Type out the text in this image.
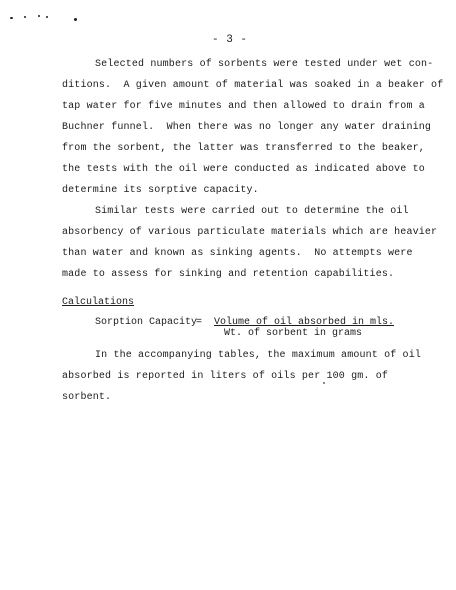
- 3 -
Selected numbers of sorbents were tested under wet con-
ditions.  A given amount of material was soaked in a beaker of
tap water for five minutes and then allowed to drain from a
Buchner funnel.  When there was no longer any water draining
from the sorbent, the latter was transferred to the beaker,
the tests with the oil were conducted as indicated above to
determine its sorptive capacity.
Similar tests were carried out to determine the oil
absorbency of various particulate materials which are heavier
than water and known as sinking agents.  No attempts were
made to assess for sinking and retention capabilities.
Calculations
Sorption Capacity
= Volume of oil absorbed in mls.
Wt. of sorbent in grams
In the accompanying tables, the maximum amount of oil
absorbed is reported in liters of oils per 100 gm. of
sorbent.
